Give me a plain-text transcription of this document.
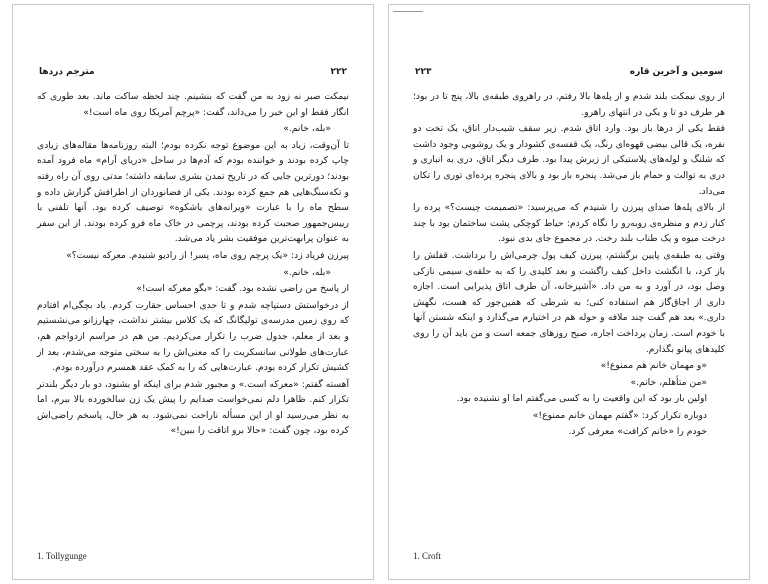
۲۲۲
مترجم دردها

نیمکت صبر نه زود به من گفت که بنشینم. چند لحظه ساکت ماند. بعد طوری که انگار فقط او این خبر را می‌داند، گفت: «پرچم آمریکا روی ماه است!»

«بله، خانم.»

تا آن‌وقت، زیاد به این موضوع توجه نکرده بودم؛ البته روزنامه‌ها مقاله‌های زیادی چاپ کرده بودند و خواننده بودم که آدم‌ها در ساحل «دریای آرام» ماه فرود آمده بودند؛ دورترین جایی که در تاریخ تمدن بشری سابقه داشته؛ مدتی روی آن راه رفته و تکه‌سنگ‌هایی هم جمع کرده بودند. یکی از فضانوردان از اطرافش گزارش داده و سطح ماه را با عبارت «ویرانه‌های باشکوه» توصیف کرده بود. آنها تلفنی با رییس‌جمهور صحبت کرده بودند، پرچمی در خاک ماه فرو کرده بودند. از این سفر به عنوان پرابهت‌ترین موفقیت بشر یاد می‌شد.

پیرزن فریاد زد: «یک پرچم روی ماه، پسر! از رادیو شنیدم. معرکه نیست؟»

«بله، خانم.»

از پاسخ من راضی نشده بود. گفت: «بگو معرکه است!»

از درخواستش دستپاچه شدم و تا حدی احساس حقارت کردم. یاد بچگی‌ام افتادم که روی زمین مدرسه‌ی تولیگانگ که یک کلاس بیشتر نداشت، چهارزانو می‌نشستیم و بعد از معلم، جدول ضرب را تکرار می‌کردیم. من هم در مراسم ازدواجم هم، عبارت‌های طولانی سانسکریت را که معنی‌اش را به سختی متوجه می‌شدم، بعد از کشیش تکرار کرده بودم. عبارت‌هایی که را به کمک عقد همسرم درآورده بودم.

آهسته گفتم: «معرکه است.» و مجبور شدم برای اینکه او بشنود، دو بار دیگر بلندتر تکرار کنم. ظاهرا دلم نمی‌خواست صدایم را پیش یک زن سالخورده بالا ببرم، اما به نظر می‌رسید او از این مسأله ناراحت نمی‌شود. به هر حال، پاسخم راضی‌اش کرده بود، چون گفت: «حالا برو اتاقت را ببین!»

1. Tollygunge
۲۲۳	سومین و آخرین قاره

از روی نیمکت بلند شدم و از پله‌ها بالا رفتم. در راهروی طبقه‌ی بالا، پنج تا در بود؛ هر طرف دو تا و یکی در انتهای راهرو.

فقط یکی از درها باز بود. وارد اتاق شدم. زیر سقف شیب‌دار اتاق، یک تخت دو نفره، یک قالی بیضی قهوه‌ای رنگ، یک قفسه‌ی کشودار و یک روشویی وجود داشت که شلنگ و لوله‌های پلاستیکی از زیرش پیدا بود. طرف دیگر اتاق، دری به انباری و دری به توالت و حمام باز می‌شد. پنجره باز بود و بالای پنجره پرده‌ای توری را تکان می‌داد.

از بالای پله‌ها صدای پیرزن را شنیدم که می‌پرسید: «تصمیمت چیست؟» پرده را کنار زدم و منظره‌ی روبه‌رو را نگاه کردم: حیاط کوچکی پشت ساختمان بود با چند درخت میوه و یک طناب بلند رخت. در مجموع جای بدی نبود.

وقتی به طبقه‌ی پایین برگشتم، پیرزن کیف پول چرمی‌اش را برداشت. قفلش را باز کرد، با انگشت داخل کیف راگشت و بعد کلیدی را که به حلقه‌ی سیمی نازکی وصل بود، در آورد و به من داد. «آشپزخانه، آن طرف اتاق پذیرایی است. اجازه داری از اجاق‌گاز هم استفاده کنی؛ به شرطی که همین‌جور که هست، نگهش داری.» بعد هم گفت چند ملافه و حوله هم در اختیارم می‌گذارد و اینکه شستن آنها با خودم است. زمان پرداخت اجاره، صبح روزهای جمعه است و من باید آن را روی کلیدهای پیانو بگذارم.

«و مهمان خانم هم ممنوع!»

«من متأهلم، خانم.»

اولین بار بود که این واقعیت را به کسی می‌گفتم اما او نشنیده بود.

دوباره تکرار کرد: «گفتم مهمان خانم ممنوع!»

خودم را «خانم کرافت» معرفی کرد.

1. Croft
